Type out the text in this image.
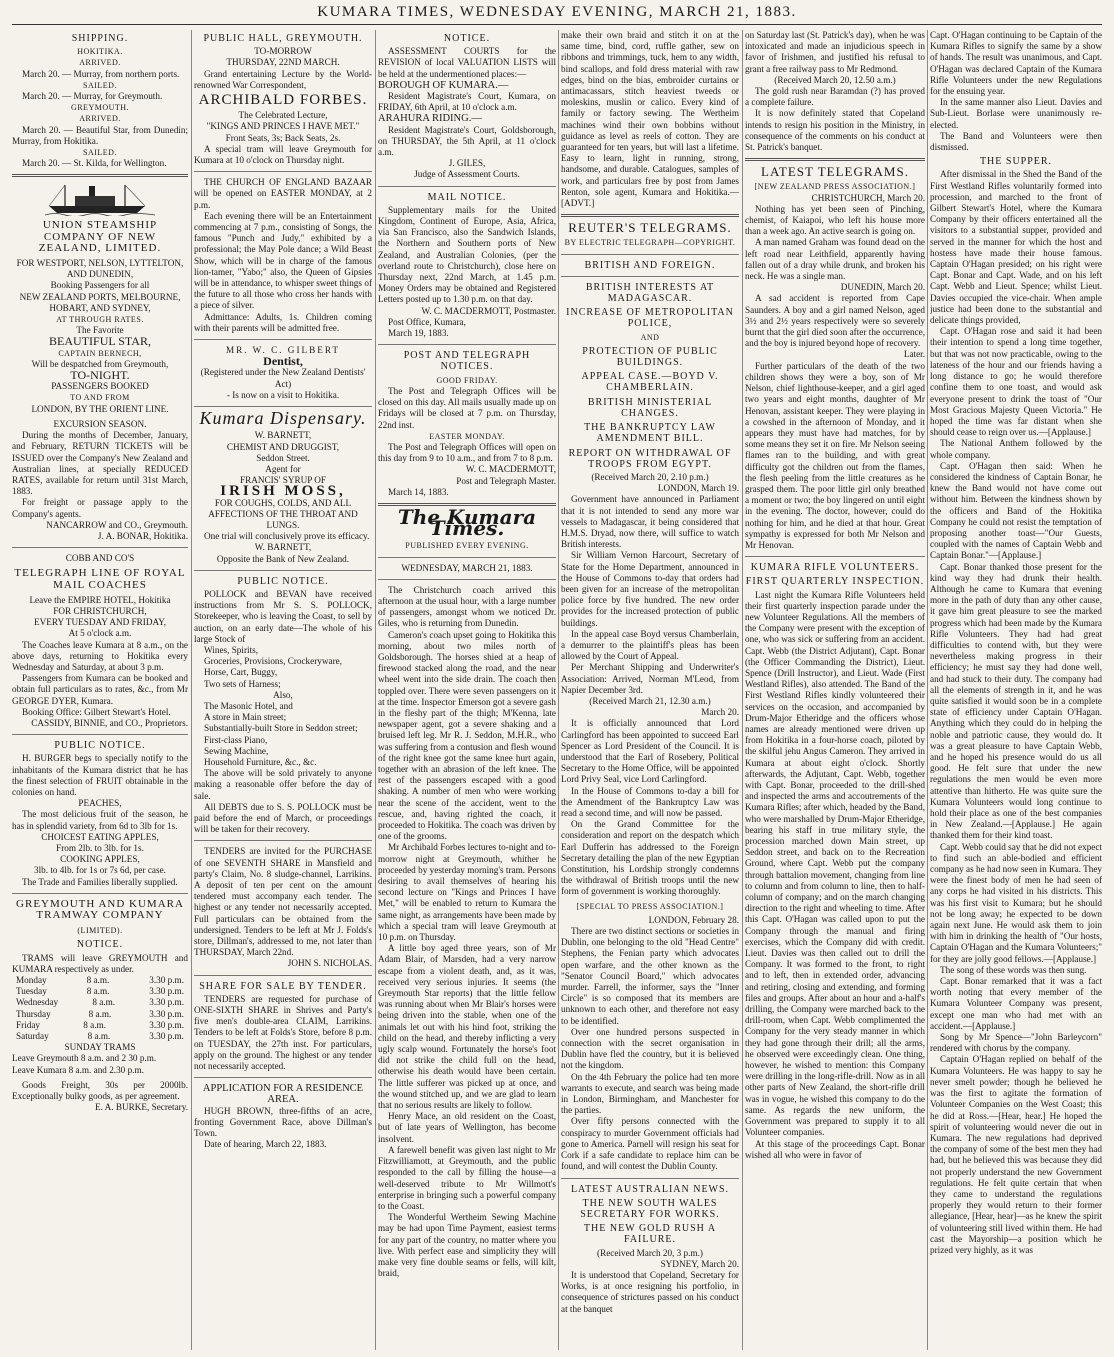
KUMARA TIMES, WEDNESDAY EVENING, MARCH 21, 1883.
SHIPPING.
HOKITIKA.
ARRIVED.

March 20. — Murray, from northern ports.

SAILED.

March 20. — Murray, for Greymouth.

GREYMOUTH.
ARRIVED.

March 20. — Beautiful Star, from Dunedin; Murray, from Hokitika.

SAILED.

March 20. — St. Kilda, for Wellington.

UNION STEAMSHIP COMPANY OF NEW ZEALAND, LIMITED.
FOR WESTPORT, NELSON, LYTTELTON, AND DUNEDIN,
Booking Passengers for all
NEW ZEALAND PORTS, MELBOURNE, HOBART, AND SYDNEY,
AT THROUGH RATES.
The Favorite
BEAUTIFUL STAR,
CAPTAIN BERNECH,
Will be despatched from Greymouth,
TO-NIGHT.
PASSENGERS BOOKED
TO AND FROM
LONDON, BY THE ORIENT LINE.
EXCURSION SEASON.

During the months of December, January, and February, RETURN TICKETS will be ISSUED over the Company's New Zealand and Australian lines, at specially REDUCED RATES, available for return until 31st March, 1883.

For freight or passage apply to the Company's agents.

NANCARROW and CO., Greymouth.
J. A. BONAR, Hokitika.
COBB AND CO'S
TELEGRAPH LINE OF ROYAL MAIL COACHES
Leave the EMPIRE HOTEL, Hokitika
FOR CHRISTCHURCH,
EVERY TUESDAY AND FRIDAY,
At 5 o'clock a.m.

The Coaches leave Kumara at 8 a.m., on the above days, returning to Hokitika every Wednesday and Saturday, at about 3 p.m.

Passengers from Kumara can be booked and obtain full particulars as to rates, &c., from Mr GEORGE DYER, Kumara.

Booking Office: Gilbert Stewart's Hotel.

CASSIDY, BINNIE, and CO., Proprietors.
PUBLIC NOTICE.

H. BURGER begs to specially notify to the inhabitants of the Kumara district that he has the finest selection of FRUIT obtainable in the colonies on hand.

PEACHES,

The most delicious fruit of the season, he has in splendid variety, from 6d to 3lb for 1s.

CHOICEST EATING APPLES,
From 2lb. to 3lb. for 1s.
COOKING APPLES,
3lb. to 4lb. for 1s or 7s 6d, per case.

The Trade and Families liberally supplied.

GREYMOUTH AND KUMARA TRAMWAY COMPANY
(LIMITED).
NOTICE.

TRAMS will leave GREYMOUTH and KUMARA respectively as under.

Monday	8 a.m.	3.30 p.m.
Tuesday	8 a.m.	3.30 p.m.
Wednesday	8 a.m.	3.30 p.m.
Thursday	8 a.m.	3.30 p.m.
Friday	8 a.m.	3.30 p.m.
Saturday	8 a.m.	3.30 p.m.
SUNDAY TRAMS
Leave Greymouth 8 a.m. and 2 30 p.m.
Leave Kumara 8 a.m. and 2.30 p.m.

Goods Freight, 30s per 2000lb. Exceptionally bulky goods, as per agreement.

E. A. BURKE, Secretary.
PUBLIC HALL, GREYMOUTH.
TO-MORROW
THURSDAY, 22ND MARCH.

Grand entertaining Lecture by the World-renowned War Correspondent,

ARCHIBALD FORBES.
The Celebrated Lecture,
"KINGS AND PRINCES I HAVE MET."
Front Seats, 3s; Back Seats, 2s.

A special tram will leave Greymouth for Kumara at 10 o'clock on Thursday night.

THE CHURCH OF ENGLAND BAZAAR will be opened on EASTER MONDAY, at 2 p.m.

Each evening there will be an Entertainment commencing at 7 p.m., consisting of Songs, the famous "Punch and Judy," exhibited by a professional; the May Pole dance; a Wild Beast Show, which will be in charge of the famous lion-tamer, "Yabo;" also, the Queen of Gipsies will be in attendance, to whisper sweet things of the future to all those who cross her hands with a piece of silver.

Admittance: Adults, 1s. Children coming with their parents will be admitted free.

MR. W. C. GILBERT
Dentist,
(Registered under the New Zealand Dentists' Act)
- Is now on a visit to Hokitika.
Kumara Dispensary.
W. BARNETT,
CHEMIST AND DRUGGIST,
Seddon Street.
Agent for
FRANCIS' SYRUP OF
IRISH MOSS,
FOR COUGHS, COLDS, AND ALL AFFECTIONS OF THE THROAT AND LUNGS.

One trial will conclusively prove its efficacy.

W. BARNETT,
Opposite the Bank of New Zealand.
PUBLIC NOTICE.

POLLOCK and BEVAN have received instructions from Mr S. S. POLLOCK, Storekeeper, who is leaving the Coast, to sell by auction, on an early date—The whole of his large Stock of

Wines, Spirits,
Groceries, Provisions, Crockeryware,
Horse, Cart, Buggy,
Two sets of Harness;
Also,
The Masonic Hotel, and
A store in Main street;
Substantially-built Store in Seddon street;
First-class Piano,
Sewing Machine,
Household Furniture, &c., &c.

The above will be sold privately to anyone making a reasonable offer before the day of sale.

All DEBTS due to S. S. POLLOCK must be paid before the end of March, or proceedings will be taken for their recovery.

TENDERS are invited for the PURCHASE of one SEVENTH SHARE in Mansfield and party's Claim, No. 8 sludge-channel, Larrikins. A deposit of ten per cent on the amount tendered must accompany each tender. The highest or any tender not necessarily accepted. Full particulars can be obtained from the undersigned. Tenders to be left at Mr J. Folds's store, Dillman's, addressed to me, not later than THURSDAY, March 22nd.

JOHN S. NICHOLAS.
SHARE FOR SALE BY TENDER.

TENDERS are requested for purchase of ONE-SIXTH SHARE in Shrives and Party's five men's double-area CLAIM, Larrikins. Tenders to be left at Folds's Store, before 8 p.m. on TUESDAY, the 27th inst. For particulars, apply on the ground. The highest or any tender not necessarily accepted.

APPLICATION FOR A RESIDENCE AREA.

HUGH BROWN, three-fifths of an acre, fronting Government Race, above Dillman's Town.

Date of hearing, March 22, 1883.

NOTICE.

ASSESSMENT COURTS for the REVISION of local VALUATION LISTS will be held at the undermentioned places:—

BOROUGH OF KUMARA.—

Resident Magistrate's Court, Kumara, on FRIDAY, 6th April, at 10 o'clock a.m.

ARAHURA RIDING.—

Resident Magistrate's Court, Goldsborough, on THURSDAY, the 5th April, at 11 o'clock a.m.

J. GILES,
Judge of Assessment Courts.
MAIL NOTICE.

Supplementary mails for the United Kingdom, Continent of Europe, Asia, Africa, via San Francisco, also the Sandwich Islands, the Northern and Southern ports of New Zealand, and Australian Colonies, (per the overland route to Christchurch), close here on Thursday next, 22nd March, at 1.45 p.m. Money Orders may be obtained and Registered Letters posted up to 1.30 p.m. on that day.

W. C. MACDERMOTT, Postmaster.
Post Office, Kumara,
March 19, 1883.
POST AND TELEGRAPH NOTICES.
GOOD FRIDAY.

The Post and Telegraph Offices will be closed on this day. All mails usually made up on Fridays will be closed at 7 p.m. on Thursday, 22nd inst.

EASTER MONDAY.

The Post and Telegraph Offices will open on this day from 9 to 10 a.m., and from 7 to 8 p.m.

W. C. MACDERMOTT,
Post and Telegraph Master.
March 14, 1883.
The Kumara Times.
PUBLISHED EVERY EVENING.
WEDNESDAY, MARCH 21, 1883.

The Christchurch coach arrived this afternoon at the usual hour, with a large number of passengers, amongst whom we noticed Dr. Giles, who is returning from Dunedin.

Cameron's coach upset going to Hokitika this morning, about two miles north of Goldsborough. The horses shied at a heap of firewood stacked along the road, and the near wheel went into the side drain. The coach then toppled over. There were seven passengers on it at the time. Inspector Emerson got a severe gash in the fleshy part of the thigh; M'Kenna, late newspaper agent, got a severe shaking and a bruised left leg. Mr R. J. Seddon, M.H.R., who was suffering from a contusion and flesh wound of the right knee got the same knee hurt again, together with an abrasion of the left knee. The rest of the passengers escaped with a good shaking. A number of men who were working near the scene of the accident, went to the rescue, and, having righted the coach, it proceeded to Hokitika. The coach was driven by one of the grooms.

Mr Archibald Forbes lectures to-night and to-morrow night at Greymouth, whither he proceeded by yesterday morning's tram. Persons desiring to avail themselves of hearing his second lecture on "Kings and Princes I have Met," will be enabled to return to Kumara the same night, as arrangements have been made by which a special tram will leave Greymouth at 10 p.m. on Thursday.

A little boy aged three years, son of Mr Adam Blair, of Marsden, had a very narrow escape from a violent death, and, as it was, received very serious injuries. It seems (the Greymouth Star reports) that the little fellow was running about when Mr Blair's horses were being driven into the stable, when one of the animals let out with his hind foot, striking the child on the head, and thereby inflicting a very ugly scalp wound. Fortunately the horse's foot did not strike the child full on the head, otherwise his death would have been certain. The little sufferer was picked up at once, and the wound stitched up, and we are glad to learn that no serious results are likely to follow.

Henry Mace, an old resident on the Coast, but of late years of Wellington, has become insolvent.

A farewell benefit was given last night to Mr Fitzwilliamott, at Greymouth, and the public responded to the call by filling the house—a well-deserved tribute to Mr Willmott's enterprise in bringing such a powerful company to the Coast.

The Wonderful Wertheim Sewing Machine may be had upon Time Payment, easiest terms for any part of the country, no matter where you live. With perfect ease and simplicity they will make very fine double seams or fells, will kilt, braid,

make their own braid and stitch it on at the same time, bind, cord, ruffle gather, sew on ribbons and trimmings, tuck, hem to any width, bind scallops, and fold dress material with raw edges, bind on the bias, embroider curtains or antimacassars, stitch heaviest tweeds or moleskins, muslin or calico. Every kind of family or factory sewing. The Wertheim machines wind their own bobbins without guidance as level as reels of cotton. They are guaranteed for ten years, but will last a lifetime. Easy to learn, light in running, strong, handsome, and durable. Catalogues, samples of work, and particulars free by post from James Renton, sole agent, Kumara and Hokitika.—[ADVT.]

REUTER'S TELEGRAMS.
BY ELECTRIC TELEGRAPH—COPYRIGHT.
BRITISH AND FOREIGN.
BRITISH INTERESTS AT MADAGASCAR.
INCREASE OF METROPOLITAN POLICE,
AND
PROTECTION OF PUBLIC BUILDINGS.
APPEAL CASE.—BOYD V. CHAMBERLAIN.
BRITISH MINISTERIAL CHANGES.
THE BANKRUPTCY LAW AMENDMENT BILL.
REPORT ON WITHDRAWAL OF TROOPS FROM EGYPT.
(Received March 20, 2.10 p.m.)
LONDON, March 19.

Government have announced in Parliament that it is not intended to send any more war vessels to Madagascar, it being considered that H.M.S. Dryad, now there, will suffice to watch British interests.

Sir William Vernon Harcourt, Secretary of State for the Home Department, announced in the House of Commons to-day that orders had been given for an increase of the metropolitan police force by five hundred. The new order provides for the increased protection of public buildings.

In the appeal case Boyd versus Chamberlain, a demurrer to the plaintiff's pleas has been allowed by the Court of Appeal.

Per Merchant Shipping and Underwriter's Association: Arrived, Norman M'Leod, from Napier December 3rd.

(Received March 21, 12.30 a.m.)
March 20.

It is officially announced that Lord Carlingford has been appointed to succeed Earl Spencer as Lord President of the Council. It is understood that the Earl of Rosebery, Political Secretary to the Home Office, will be appointed Lord Privy Seal, vice Lord Carlingford.

In the House of Commons to-day a bill for the Amendment of the Bankruptcy Law was read a second time, and will now be passed.

On the Grand Committee for the consideration and report on the despatch which Earl Dufferin has addressed to the Foreign Secretary detailing the plan of the new Egyptian Constitution, his Lordship strongly condemns the withdrawal of British troops until the new form of government is working thoroughly.

[SPECIAL TO PRESS ASSOCIATION.]
LONDON, February 28.

There are two distinct sections or societies in Dublin, one belonging to the old "Head Centre" Stephens, the Fenian party which advocates open warfare, and the other known as the "Senator Council Board," which advocates murder. Farrell, the informer, says the "Inner Circle" is so composed that its members are unknown to each other, and therefore not easy to be identified.

Over one hundred persons suspected in connection with the secret organisation in Dublin have fled the country, but it is believed not the kingdom.

On the 4th February the police had ten more warrants to execute, and search was being made in London, Birmingham, and Manchester for the parties.

Over fifty persons connected with the conspiracy to murder Government officials had gone to America. Parnell will resign his seat for Cork if a safe candidate to replace him can be found, and will contest the Dublin County.

LATEST AUSTRALIAN NEWS.
THE NEW SOUTH WALES SECRETARY FOR WORKS.
THE NEW GOLD RUSH A FAILURE.
(Received March 20, 3 p.m.)
SYDNEY, March 20.

It is understood that Copeland, Secretary for Works, is at once resigning his portfolio, in consequence of strictures passed on his conduct at the banquet

on Saturday last (St. Patrick's day), when he was intoxicated and made an injudicious speech in favor of Irishmen, and justified his refusal to grant a free railway pass to Mr Redmond.

(Received March 20, 12.50 a.m.)

The gold rush near Baramdan (?) has proved a complete failure.

It is now definitely stated that Copeland intends to resign his position in the Ministry, in consequence of the comments on his conduct at St. Patrick's banquet.

LATEST TELEGRAMS.
[NEW ZEALAND PRESS ASSOCIATION.]
CHRISTCHURCH, March 20.

Nothing has yet been seen of Pinching, chemist, of Kaiapoi, who left his house more than a week ago. An active search is going on.

A man named Graham was found dead on the left road near Leithfield, apparently having fallen out of a dray while drunk, and broken his neck. He was a single man.

DUNEDIN, March 20.

A sad accident is reported from Cape Saunders. A boy and a girl named Nelson, aged 3½ and 2½ years respectively were so severely burnt that the girl died soon after the occurrence, and the boy is injured beyond hope of recovery.

Later.

Further particulars of the death of the two children shows they were a boy, son of Mr Nelson, chief lighthouse-keeper, and a girl aged two years and eight months, daughter of Mr Henovan, assistant keeper. They were playing in a cowshed in the afternoon of Monday, and it appears they must have had matches, for by some means they set it on fire. Mr Nelson seeing flames ran to the building, and with great difficulty got the children out from the flames, the flesh peeling from the little creatures as he grasped them. The poor little girl only breathed a moment or two; the boy lingered on until eight in the evening. The doctor, however, could do nothing for him, and he died at that hour. Great sympathy is expressed for both Mr Nelson and Mr Henovan.

KUMARA RIFLE VOLUNTEERS.
FIRST QUARTERLY INSPECTION.

Last night the Kumara Rifle Volunteers held their first quarterly inspection parade under the new Volunteer Regulations. All the members of the Company were present with the exception of one, who was sick or suffering from an accident. Capt. Webb (the District Adjutant), Capt. Bonar (the Officer Commanding the District), Lieut. Spence (Drill Instructor), and Lieut. Wade (First Westland Rifles), also attended. The Band of the First Westland Rifles kindly volunteered their services on the occasion, and accompanied by Drum-Major Etheridge and the officers whose names are already mentioned were driven up from Hokitika in a four-horse coach, piloted by the skilful jehu Angus Cameron. They arrived in Kumara at about eight o'clock. Shortly afterwards, the Adjutant, Capt. Webb, together with Capt. Bonar, proceeded to the drill-shed and inspected the arms and accoutrements of the Kumara Rifles; after which, headed by the Band, who were marshalled by Drum-Major Etheridge, bearing his staff in true military style, the procession marched down Main street, up Seddon street, and back on to the Recreation Ground, where Capt. Webb put the company through battalion movement, changing from line to column and from column to line, then to half-column of company; and on the march changing direction to the right and wheeling to time. After this Capt. O'Hagan was called upon to put the Company through the manual and firing exercises, which the Company did with credit. Lieut. Davies was then called out to drill the Company. It was formed to the front, to right and to left, then in extended order, advancing and retiring, closing and extending, and forming files and groups. After about an hour and a-half's drilling, the Company were marched back to the drill-room, when Capt. Webb complimented the Company for the very steady manner in which they had gone through their drill; all the arms, he observed were exceedingly clean. One thing, however, he wished to mention: this Company were drilling in the long-rifle-drill. Now as in all other parts of New Zealand, the short-rifle drill was in vogue, he wished this company to do the same. As regards the new uniform, the Government was prepared to supply it to all Volunteer companies.

At this stage of the proceedings Capt. Bonar wished all who were in favor of

Capt. O'Hagan continuing to be Captain of the Kumara Rifles to signify the same by a show of hands. The result was unanimous, and Capt. O'Hagan was declared Captain of the Kumara Rifle Volunteers under the new Regulations for the ensuing year.

In the same manner also Lieut. Davies and Sub-Lieut. Borlase were unanimously re-elected.

The Band and Volunteers were then dismissed.

THE SUPPER.

After dismissal in the Shed the Band of the First Westland Rifles voluntarily formed into procession, and marched to the front of Gilbert Stewart's Hotel, where the Kumara Company by their officers entertained all the visitors to a substantial supper, provided and served in the manner for which the host and hostess have made their house famous. Captain O'Hagan presided; on his right were Capt. Bonar and Capt. Wade, and on his left Capt. Webb and Lieut. Spence; whilst Lieut. Davies occupied the vice-chair. When ample justice had been done to the substantial and delicate things provided,

Capt. O'Hagan rose and said it had been their intention to spend a long time together, but that was not now practicable, owing to the lateness of the hour and our friends having a long distance to go; he would therefore confine them to one toast, and would ask everyone present to drink the toast of "Our Most Gracious Majesty Queen Victoria." He hoped the time was far distant when she should cease to reign over us.—[Applause.]

The National Anthem followed by the whole company.

Capt. O'Hagan then said: When he considered the kindness of Captain Bonar, he knew the Band would not have come out without him. Between the kindness shown by the officers and Band of the Hokitika Company he could not resist the temptation of proposing another toast—"Our Guests, coupled with the names of Captain Webb and Captain Bonar."—[Applause.]

Capt. Bonar thanked those present for the kind way they had drunk their health. Although he came to Kumara that evening more in the path of duty than any other cause, it gave him great pleasure to see the marked progress which had been made by the Kumara Rifle Volunteers. They had had great difficulties to contend with, but they were nevertheless making progress in their efficiency; he must say they had done well, and had stuck to their duty. The company had all the elements of strength in it, and he was quite satisfied it would soon be in a complete state of efficiency under Captain O'Hagan. Anything which they could do in helping the noble and patriotic cause, they would do. It was a great pleasure to have Captain Webb, and he hoped his presence would do us all good. He felt sure that under the new regulations the men would be even more attentive than hitherto. He was quite sure the Kumara Volunteers would long continue to hold their place as one of the best companies in New Zealand.—[Applause.] He again thanked them for their kind toast.

Capt. Webb could say that he did not expect to find such an able-bodied and efficient company as he had now seen in Kumara. They were the finest body of men he had seen of any corps he had visited in his districts. This was his first visit to Kumara; but he should not be long away; he expected to be down again next June. He would ask them to join with him in drinking the health of "Our hosts, Captain O'Hagan and the Kumara Volunteers;" for they are jolly good fellows.—[Applause.]

The song of these words was then sung.

Capt. Bonar remarked that it was a fact worth noting that every member of the Kumara Volunteer Company was present, except one man who had met with an accident.—[Applause.]

Song by Mr Spence—"John Barleycorn" rendered with chorus by the company.

Captain O'Hagan replied on behalf of the Kumara Volunteers. He was happy to say he never smelt powder; though he believed he was the first to agitate the formation of Volunteer Companies on the West Coast; this he did at Ross.—[Hear, hear.] He hoped the spirit of volunteering would never die out in Kumara. The new regulations had deprived the company of some of the best men they had had, but he believed this was because they did not properly understand the new Government regulations. He felt quite certain that when they came to understand the regulations properly they would return to their former allegiance, [Hear, hear]—as he knew the spirit of volunteering still lived within them. He had cast the Mayorship—a position which he prized very highly, as it was
